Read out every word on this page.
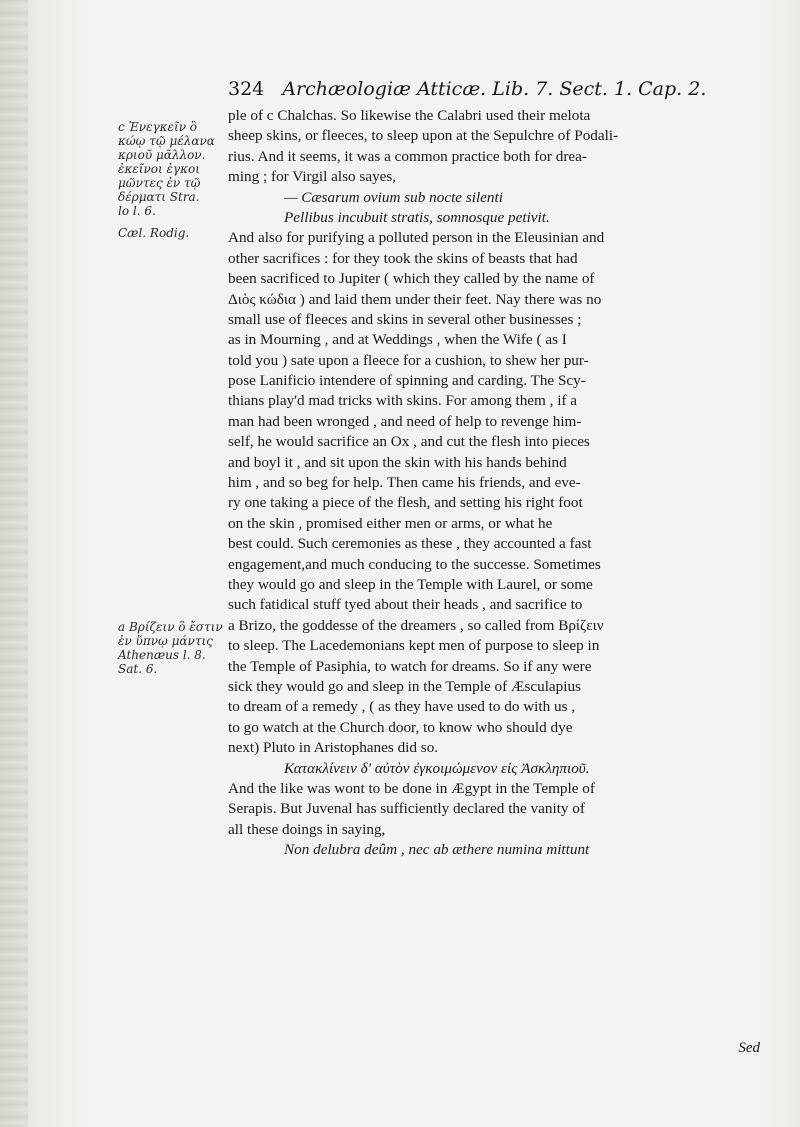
324 Archæologiæ Atticæ. Lib. 7. Sect. 1. Cap. 2.
c Ἐνεγκεῖν ὃ
κώῳ τῷ μέλανα
κριοῦ μᾶλλον.
ἐκεῖνοι ἐγκοι
μῶντες ἐν τῷ
δέρματι Stra.
lo l. 6.
Cæl. Rodig.
a Βρίζειν ὃ ἔστιν
ἐν ὕπνῳ μάντις
Athenæus l. 8.
Sat. 6.
ple of c Chalchas. So likewise the Calabri used their melota
sheep skins, or fleeces, to sleep upon at the Sepulchre of Podali-
rius. And it seems, it was a common practice both for drea-
ming ; for Virgil also sayes,
— Cæsarum ovium sub nocte silenti
Pellibus incubuit stratis, somnosque petivit.
And also for purifying a polluted person in the Eleusinian and
other sacrifices : for they took the skins of beasts that had
been sacrificed to Jupiter ( which they called by the name of
Διὸς κώδια ) and laid them under their feet. Nay there was no
small use of fleeces and skins in several other businesses ;
as in Mourning , and at Weddings , when the Wife ( as I
told you ) sate upon a fleece for a cushion, to shew her pur-
pose Lanificio intendere of spinning and carding. The Scy-
thians play'd mad tricks with skins. For among them , if a
man had been wronged , and need of help to revenge him-
self, he would sacrifice an Ox , and cut the flesh into pieces
and boyl it , and sit upon the skin with his hands behind
him , and so beg for help. Then came his friends, and eve-
ry one taking a piece of the flesh, and setting his right foot
on the skin , promised either men or arms, or what he
best could. Such ceremonies as these , they accounted a fast
engagement,and much conducing to the successe. Sometimes
they would go and sleep in the Temple with Laurel, or some
such fatidical stuff tyed about their heads , and sacrifice to
a Brizo, the goddesse of the dreamers , so called from Βρίζειν
to sleep. The Lacedemonians kept men of purpose to sleep in
the Temple of Pasiphia, to watch for dreams. So if any were
sick they would go and sleep in the Temple of Æsculapius
to dream of a remedy , ( as they have used to do with us ,
to go watch at the Church door, to know who should dye
next) Pluto in Aristophanes did so.
Κατακλίνειν δ' αὐτὸν ἐγκοιμώμενον εἰς Ἀσκληπιοῦ.
And the like was wont to be done in Ægypt in the Temple of
Serapis. But Juvenal has sufficiently declared the vanity of
all these doings in saying,
Non delubra deûm , nec ab æthere numina mittunt
Sed
